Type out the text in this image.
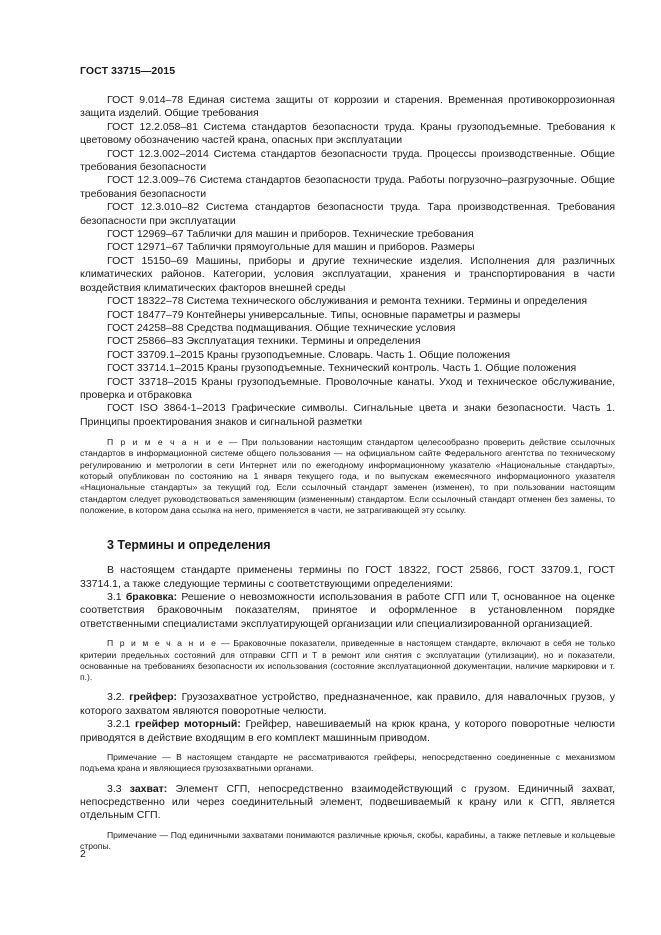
ГОСТ 33715—2015

ГОСТ 9.014–78 Единая система защиты от коррозии и старения. Временная противокоррозионная защита изделий. Общие требования

ГОСТ 12.2.058–81 Система стандартов безопасности труда. Краны грузоподъемные. Требования к цветовому обозначению частей крана, опасных при эксплуатации

ГОСТ 12.3.002–2014 Система стандартов безопасности труда. Процессы производственные. Общие требования безопасности

ГОСТ 12.3.009–76 Система стандартов безопасности труда. Работы погрузочно–разгрузочные. Общие требования безопасности

ГОСТ 12.3.010–82 Система стандартов безопасности труда. Тара производственная. Требования безопасности при эксплуатации

ГОСТ 12969–67 Таблички для машин и приборов. Технические требования

ГОСТ 12971–67 Таблички прямоугольные для машин и приборов. Размеры

ГОСТ 15150–69 Машины, приборы и другие технические изделия. Исполнения для различных климатических районов. Категории, условия эксплуатации, хранения и транспортирования в части воздействия климатических факторов внешней среды

ГОСТ 18322–78 Система технического обслуживания и ремонта техники. Термины и определения

ГОСТ 18477–79 Контейнеры универсальные. Типы, основные параметры и размеры

ГОСТ 24258–88 Средства подмащивания. Общие технические условия

ГОСТ 25866–83 Эксплуатация техники. Термины и определения

ГОСТ 33709.1–2015 Краны грузоподъемные. Словарь. Часть 1. Общие положения

ГОСТ 33714.1–2015 Краны грузоподъемные. Технический контроль. Часть 1. Общие положения

ГОСТ 33718–2015 Краны грузоподъемные. Проволочные канаты. Уход и техническое обслуживание, проверка и отбраковка

ГОСТ ISO 3864-1–2013 Графические символы. Сигнальные цвета и знаки безопасности. Часть 1. Принципы проектирования знаков и сигнальной разметки

П р и м е ч а н и е — При пользовании настоящим стандартом целесообразно проверить действие ссылочных стандартов в информационной системе общего пользования — на официальном сайте Федерального агентства по техническому регулированию и метрологии в сети Интернет или по ежегодному информационному указателю «Национальные стандарты», который опубликован по состоянию на 1 января текущего года, и по выпускам ежемесячного информационного указателя «Национальные стандарты» за текущий год. Если ссылочный стандарт заменен (изменен), то при пользовании настоящим стандартом следует руководствоваться заменяющим (измененным) стандартом. Если ссылочный стандарт отменен без замены, то положение, в котором дана ссылка на него, применяется в части, не затрагивающей эту ссылку.

3 Термины и определения

В настоящем стандарте применены термины по ГОСТ 18322, ГОСТ 25866, ГОСТ 33709.1, ГОСТ 33714.1, а также следующие термины с соответствующими определениями:

3.1 браковка: Решение о невозможности использования в работе СГП или Т, основанное на оценке соответствия браковочным показателям, принятое и оформленное в установленном порядке ответственными специалистами эксплуатирующей организации или специализированной организацией.

П р и м е ч а н и е — Браковочные показатели, приведенные в настоящем стандарте, включают в себя не только критерии предельных состояний для отправки СГП и Т в ремонт или снятия с эксплуатации (утилизации), но и показатели, основанные на требованиях безопасности их использования (состояние эксплуатационной документации, наличие маркировки и т. п.).

3.2. грейфер: Грузозахватное устройство, предназначенное, как правило, для навалочных грузов, у которого захватом являются поворотные челюсти.

3.2.1 грейфер моторный: Грейфер, навешиваемый на крюк крана, у которого поворотные челюсти приводятся в действие входящим в его комплект машинным приводом.

Примечание — В настоящем стандарте не рассматриваются грейферы, непосредственно соединенные с механизмом подъема крана и являющиеся грузозахватными органами.

3.3 захват: Элемент СГП, непосредственно взаимодействующий с грузом. Единичный захват, непосредственно или через соединительный элемент, подвешиваемый к крану или к СГП, является отдельным СГП.

Примечание — Под единичными захватами понимаются различные крючья, скобы, карабины, а также петлевые и кольцевые стропы.

2
